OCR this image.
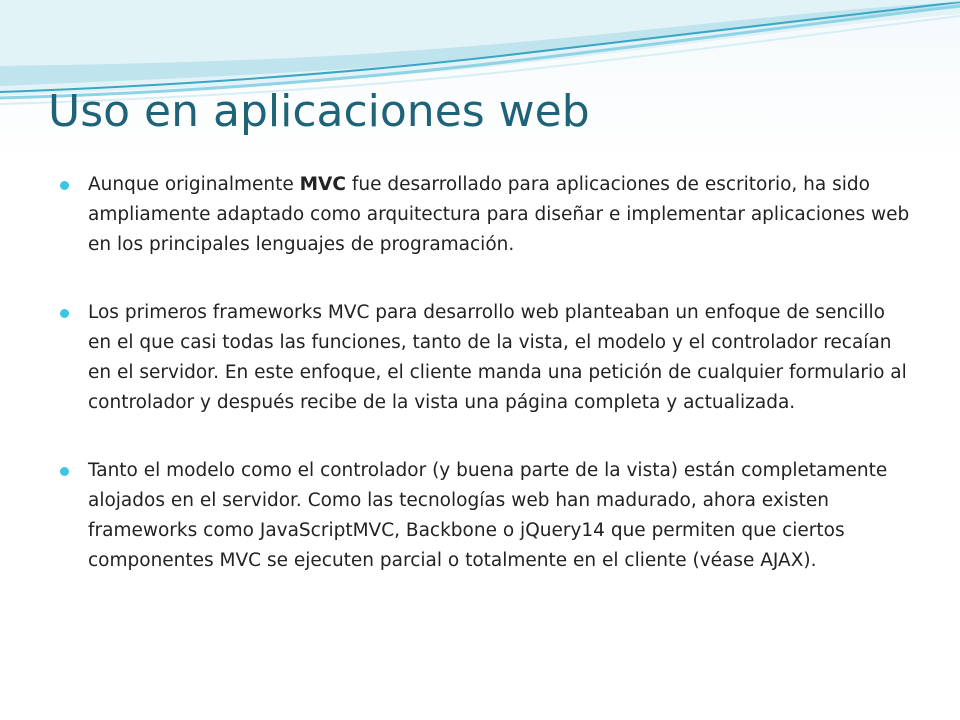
Uso en aplicaciones web

Aunque originalmente MVC fue desarrollado para aplicaciones de escritorio, ha sido ampliamente adaptado como arquitectura para diseñar e implementar aplicaciones web en los principales lenguajes de programación.

Los primeros frameworks MVC para desarrollo web planteaban un enfoque de sencillo en el que casi todas las funciones, tanto de la vista, el modelo y el controlador recaían en el servidor. En este enfoque, el cliente manda una petición de cualquier formulario al controlador y después recibe de la vista una página completa y actualizada.

Tanto el modelo como el controlador (y buena parte de la vista) están completamente alojados en el servidor. Como las tecnologías web han madurado, ahora existen frameworks como JavaScriptMVC, Backbone o jQuery14 que permiten que ciertos componentes MVC se ejecuten parcial o totalmente en el cliente (véase AJAX).
